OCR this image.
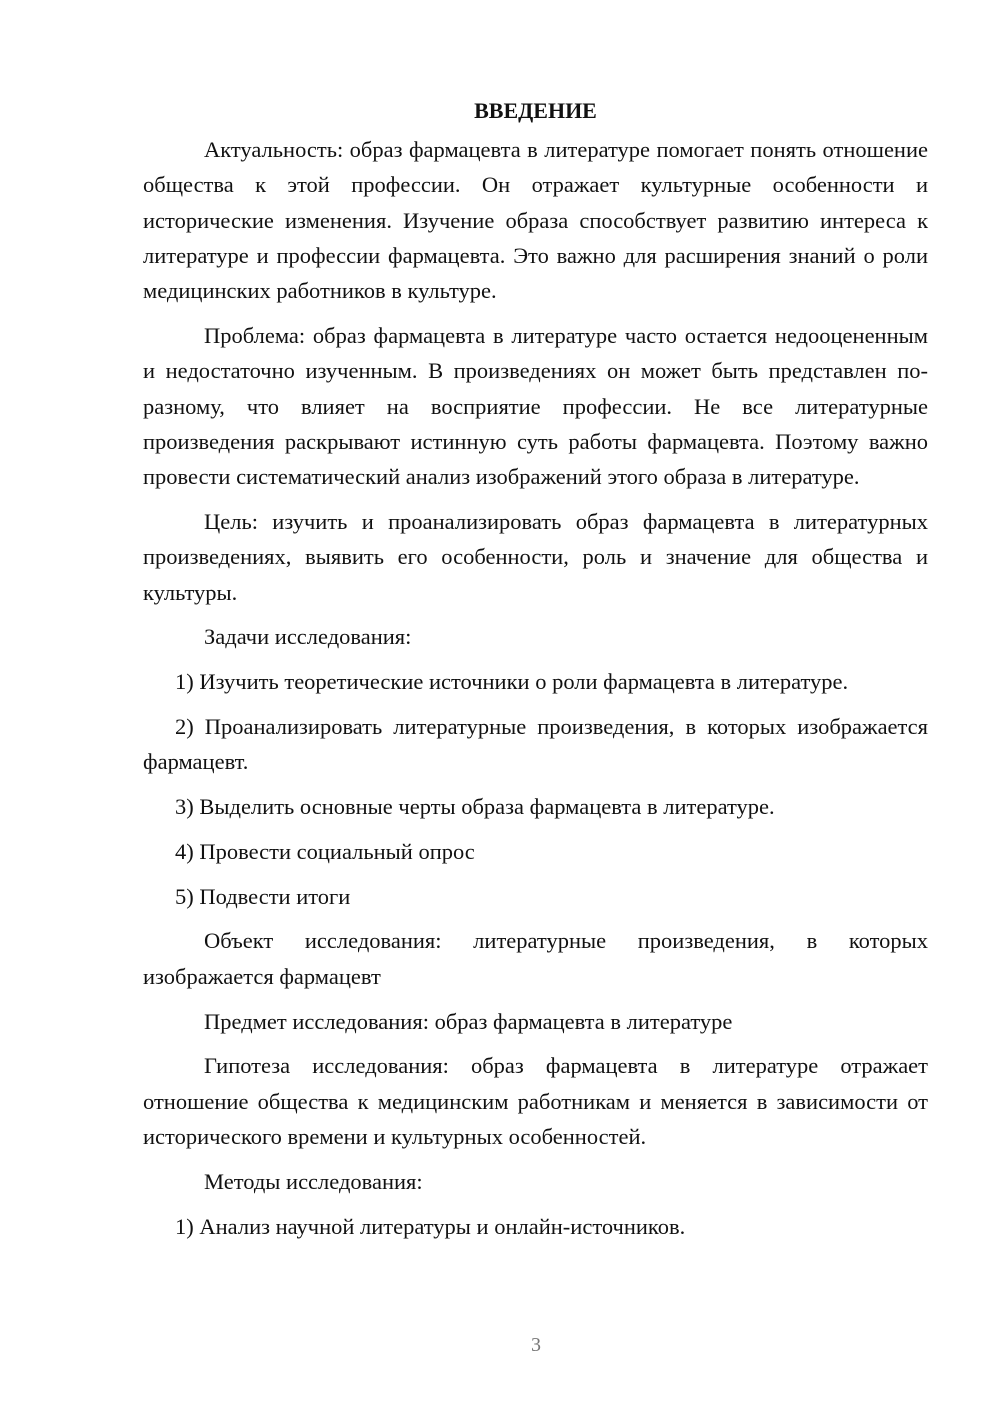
ВВЕДЕНИЕ

Актуальность: образ фармацевта в литературе помогает понять отношение общества к этой профессии. Он отражает культурные особенности и исторические изменения. Изучение образа способствует развитию интереса к литературе и профессии фармацевта. Это важно для расширения знаний о роли медицинских работников в культуре.

Проблема: образ фармацевта в литературе часто остается недооцененным и недостаточно изученным. В произведениях он может быть представлен по-разному, что влияет на восприятие профессии. Не все литературные произведения раскрывают истинную суть работы фармацевта. Поэтому важно провести систематический анализ изображений этого образа в литературе.

Цель: изучить и проанализировать образ фармацевта в литературных произведениях, выявить его особенности, роль и значение для общества и культуры.

Задачи исследования:

1) Изучить теоретические источники о роли фармацевта в литературе.

2) Проанализировать литературные произведения, в которых изображается фармацевт.

3) Выделить основные черты образа фармацевта в литературе.

4) Провести социальный опрос

5) Подвести итоги

Объект исследования: литературные произведения, в которых изображается фармацевт

Предмет исследования: образ фармацевта в литературе

Гипотеза исследования: образ фармацевта в литературе отражает отношение общества к медицинским работникам и меняется в зависимости от исторического времени и культурных особенностей.

Методы исследования:

1) Анализ научной литературы и онлайн-источников.

3
